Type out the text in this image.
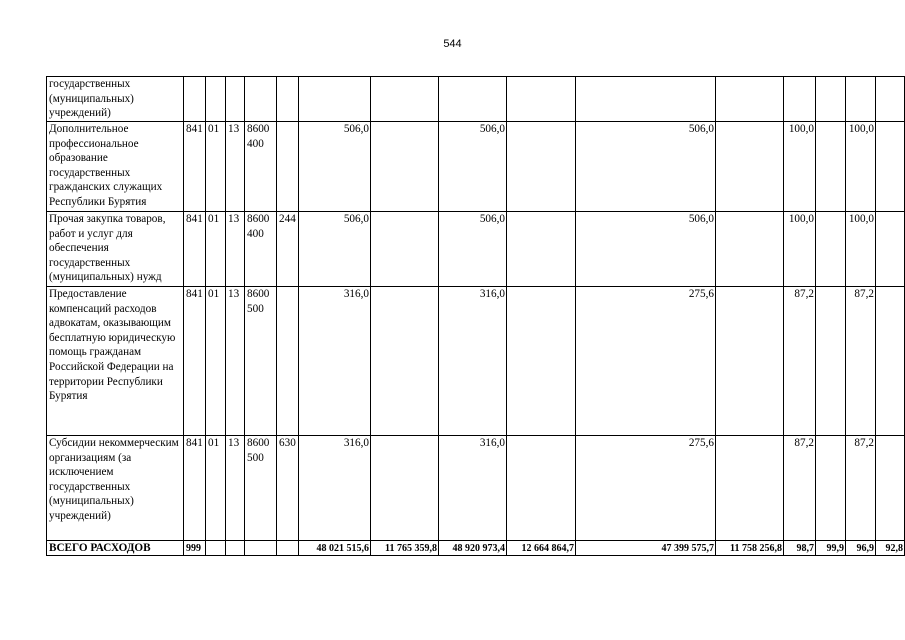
544
государственных (муниципальных) учреждений)															
Дополнительное профессиональное образование государственных гражданских служащих Республики Бурятия	841	01	13	8600 400		506,0		506,0		506,0		100,0		100,0	
Прочая закупка товаров, работ и услуг для обеспечения государственных (муниципальных) нужд	841	01	13	8600 400	244	506,0		506,0		506,0		100,0		100,0	
Предоставление компенсаций расходов адвокатам, оказывающим бесплатную юридическую помощь гражданам Российской Федерации на территории Республики Бурятия	841	01	13	8600 500		316,0		316,0		275,6		87,2		87,2	
Субсидии некоммерческим организациям (за исключением государственных (муниципальных) учреждений)	841	01	13	8600 500	630	316,0		316,0		275,6		87,2		87,2	
ВСЕГО РАСХОДОВ	999					48 021 515,6	11 765 359,8	48 920 973,4	12 664 864,7	47 399 575,7	11 758 256,8	98,7	99,9	96,9	92,8
